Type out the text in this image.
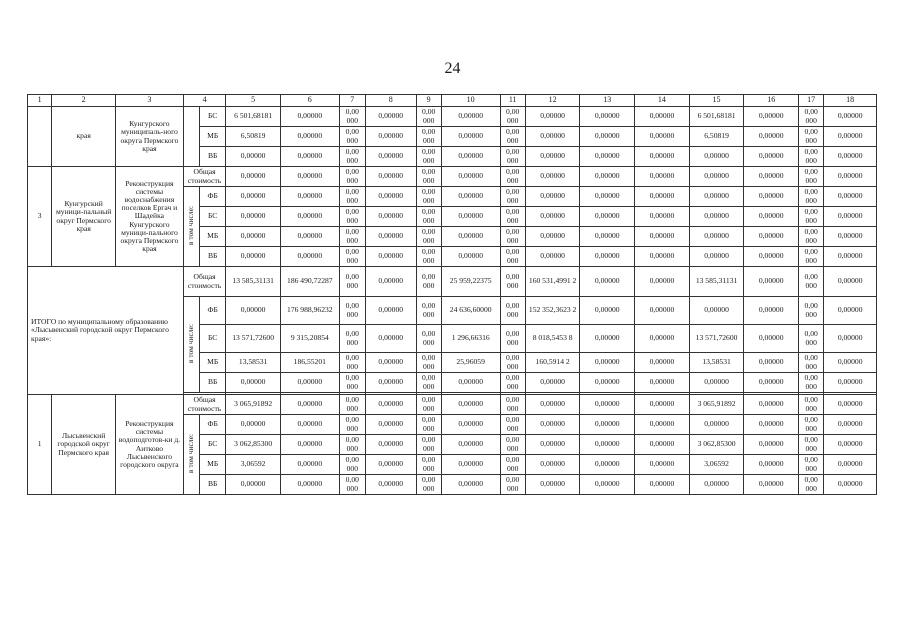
24
1	2	3	4		5	6	7	8	9	10	11	12	13	14	15	16	17	18
	края	Кунгурского муниципаль-ного округа Пермского края		БС	6 501,68181	0,00000	0,00 000	0,00000	0,00 000	0,00000	0,00 000	0,00000	0,00000	0,00000	6 501,68181	0,00000	0,00 000	0,00000
				МБ	6,50819	0,00000	0,00 000	0,00000	0,00 000	0,00000	0,00 000	0,00000	0,00000	0,00000	6,50819	0,00000	0,00 000	0,00000
				ВБ	0,00000	0,00000	0,00 000	0,00000	0,00 000	0,00000	0,00 000	0,00000	0,00000	0,00000	0,00000	0,00000	0,00 000	0,00000
3	Кунгурский муници-пальный округ Пермского края	Реконструкция системы водоснабжения поселков Ергач и Шадейка Кунгурского муници-пального округа Пермского края	Общая стоимость		0,00000	0,00000	0,00 000	0,00000	0,00 000	0,00000	0,00 000	0,00000	0,00000	0,00000	0,00000	0,00000	0,00 000	0,00000
			в том числе:	ФБ	0,00000	0,00000	0,00 000	0,00000	0,00 000	0,00000	0,00 000	0,00000	0,00000	0,00000	0,00000	0,00000	0,00 000	0,00000
				БС	0,00000	0,00000	0,00 000	0,00000	0,00 000	0,00000	0,00 000	0,00000	0,00000	0,00000	0,00000	0,00000	0,00 000	0,00000
				МБ	0,00000	0,00000	0,00 000	0,00000	0,00 000	0,00000	0,00 000	0,00000	0,00000	0,00000	0,00000	0,00000	0,00 000	0,00000
				ВБ	0,00000	0,00000	0,00 000	0,00000	0,00 000	0,00000	0,00 000	0,00000	0,00000	0,00000	0,00000	0,00000	0,00 000	0,00000
ИТОГО по муниципальному образованию «Лысьвенский городской округ Пермского края»:			Общая стоимость		13 585,31131	186 490,72287	0,00 000	0,00000	0,00 000	25 959,22375	0,00 000	160 531,4991 2	0,00000	0,00000	13 585,31131	0,00000	0,00 000	0,00000
			в том числе:	ФБ	0,00000	176 988,96232	0,00 000	0,00000	0,00 000	24 636,60000	0,00 000	152 352,3623 2	0,00000	0,00000	0,00000	0,00000	0,00 000	0,00000
				БС	13 571,72600	9 315,20854	0,00 000	0,00000	0,00 000	1 296,66316	0,00 000	8 018,5453 8	0,00000	0,00000	13 571,72600	0,00000	0,00 000	0,00000
				МБ	13,58531	186,55201	0,00 000	0,00000	0,00 000	25,96059	0,00 000	160,5914 2	0,00000	0,00000	13,58531	0,00000	0,00 000	0,00000
				ВБ	0,00000	0,00000	0,00 000	0,00000	0,00 000	0,00000	0,00 000	0,00000	0,00000	0,00000	0,00000	0,00000	0,00 000	0,00000

1	Лысьвенский городской округ Пермского края	Реконструкция системы водоподготов-ки д. Аитково Лысьвенского городского округа	Общая стоимость		3 065,91892	0,00000	0,00 000	0,00000	0,00 000	0,00000	0,00 000	0,00000	0,00000	0,00000	3 065,91892	0,00000	0,00 000	0,00000
			в том числе:	ФБ	0,00000	0,00000	0,00 000	0,00000	0,00 000	0,00000	0,00 000	0,00000	0,00000	0,00000	0,00000	0,00000	0,00 000	0,00000
				БС	3 062,85300	0,00000	0,00 000	0,00000	0,00 000	0,00000	0,00 000	0,00000	0,00000	0,00000	3 062,85300	0,00000	0,00 000	0,00000
				МБ	3,06592	0,00000	0,00 000	0,00000	0,00 000	0,00000	0,00 000	0,00000	0,00000	0,00000	3,06592	0,00000	0,00 000	0,00000
				ВБ	0,00000	0,00000	0,00 000	0,00000	0,00 000	0,00000	0,00 000	0,00000	0,00000	0,00000	0,00000	0,00000	0,00 000	0,00000
